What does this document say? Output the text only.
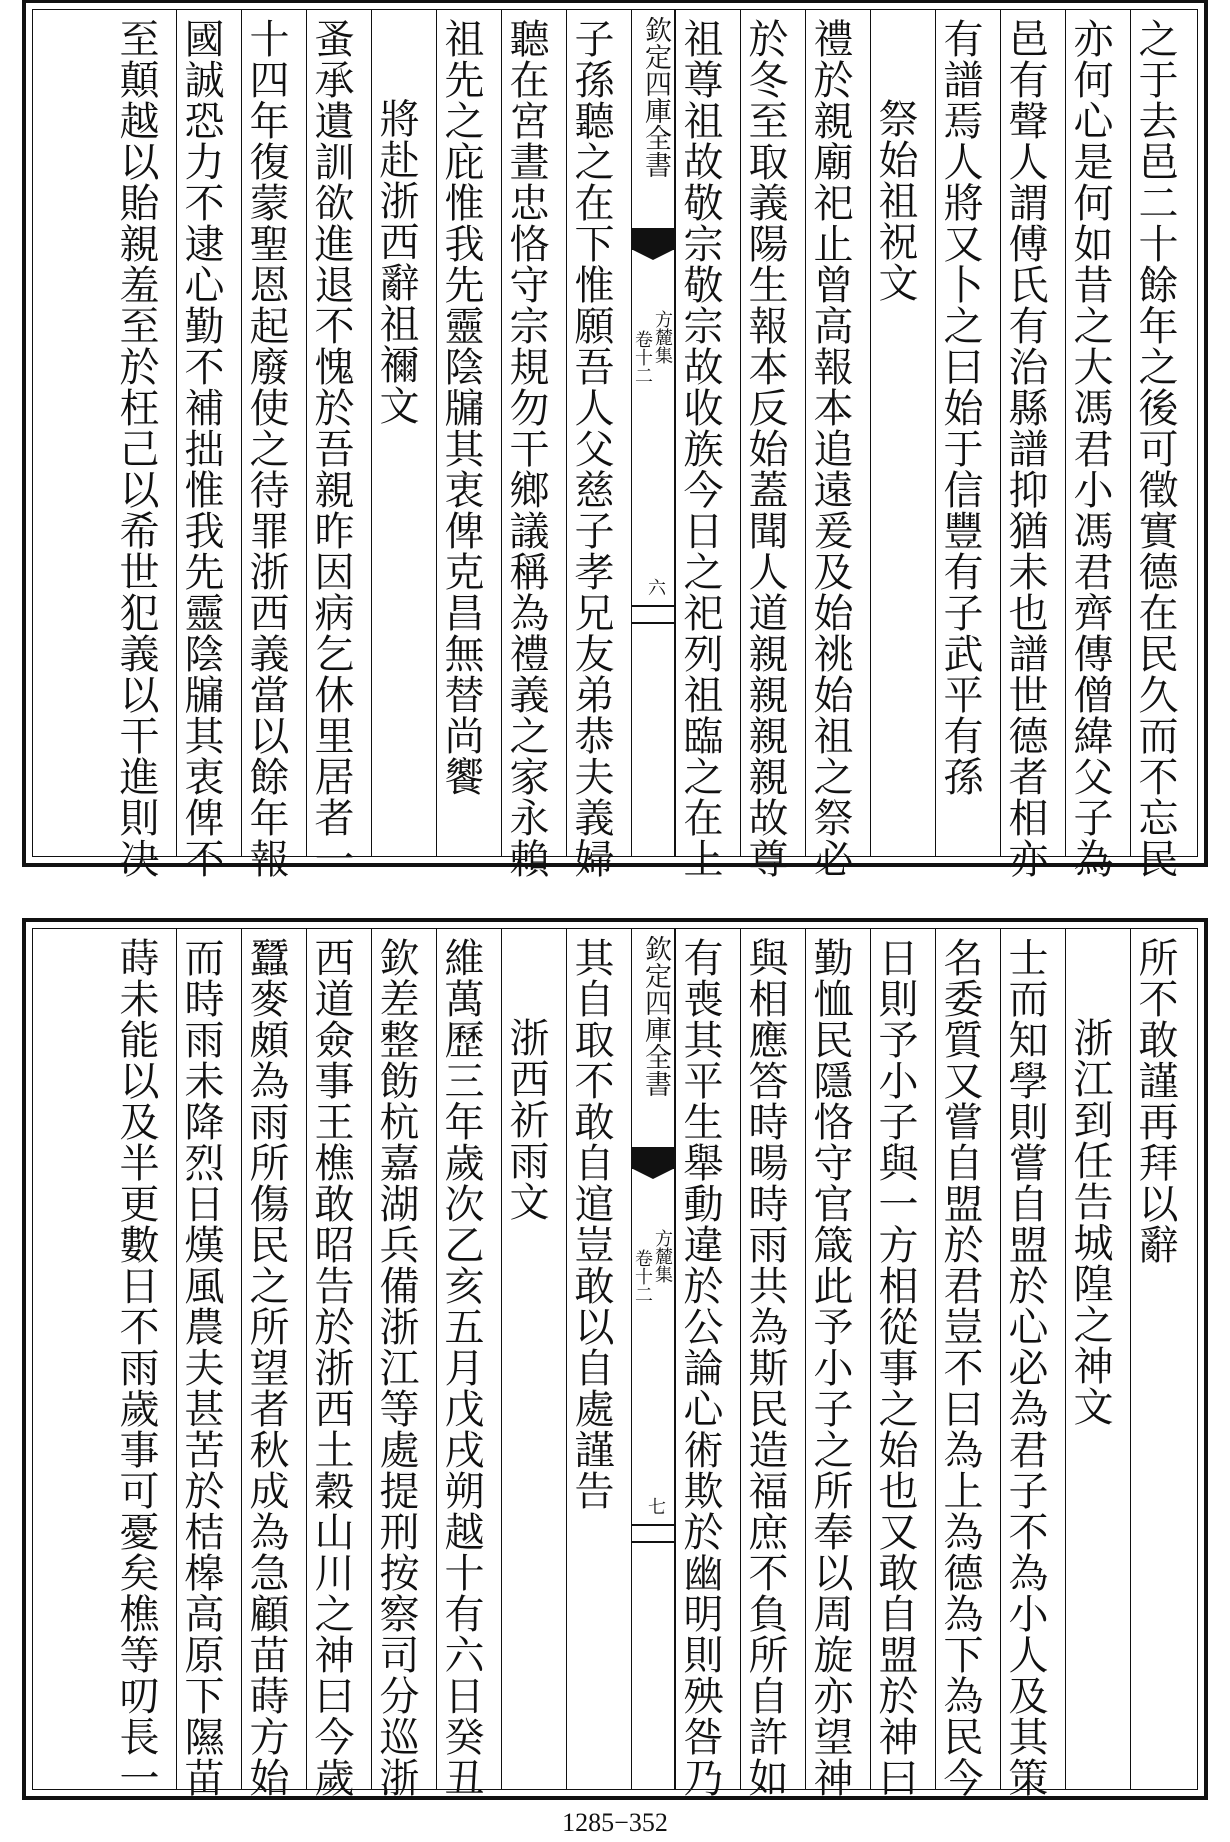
之于去邑二十餘年之後可徵實德在民久而不忘民
亦何心是何如昔之大馮君小馮君齊傳僧緯父子為
邑有聲人謂傅氏有治縣譜抑猶未也譜世德者相亦
有譜焉人將又卜之曰始于信豐有子武平有孫
祭始祖祝文
禮於親廟祀止曾高報本追遠爰及始祧始祖之祭必
於冬至取義陽生報本反始蓋聞人道親親親親故尊
祖尊祖故敬宗敬宗故收族今日之祀列祖臨之在上
欽定四庫全書
方麓集
卷十二
六
子孫聽之在下惟願吾人父慈子孝兄友弟恭夫義婦
聽在宮晝忠恪守宗規勿干鄉議稱為禮義之家永賴
祖先之庇惟我先靈陰牖其衷俾克昌無替尚饗
將赴浙西辭祖禰文
蚤承遺訓欲進退不愧於吾親昨因病乞休里居者一
十四年復蒙聖恩起廢使之待罪浙西義當以餘年報
國誠恐力不逮心勤不補拙惟我先靈陰牖其衷俾不
至顛越以貽親羞至於枉己以希世犯義以干進則决
所不敢謹再拜以辭
浙江到任告城隍之神文
士而知學則嘗自盟於心必為君子不為小人及其策
名委質又嘗自盟於君豈不曰為上為德為下為民今
日則予小子與一方相從事之始也又敢自盟於神曰
勤恤民隱恪守官箴此予小子之所奉以周旋亦望神
與相應答時暘時雨共為斯民造福庶不負所自許如
有喪其平生舉動違於公論心術欺於幽明則殃咎乃
欽定四庫全書
方麓集
卷十二
七
其自取不敢自逭豈敢以自處謹告
浙西祈雨文
維萬歷三年歲次乙亥五月戊戌朔越十有六日癸丑
欽差整飭杭嘉湖兵備浙江等處提刑按察司分巡浙
西道僉事王樵敢昭告於浙西土穀山川之神曰今歲
蠶麥頗為雨所傷民之所望者秋成為急顧苗蒔方始
而時雨未降烈日熯風農夫甚苦於桔槔高原下隰苗
蒔未能以及半更數日不雨歲事可憂矣樵等叨長一
1285−352
